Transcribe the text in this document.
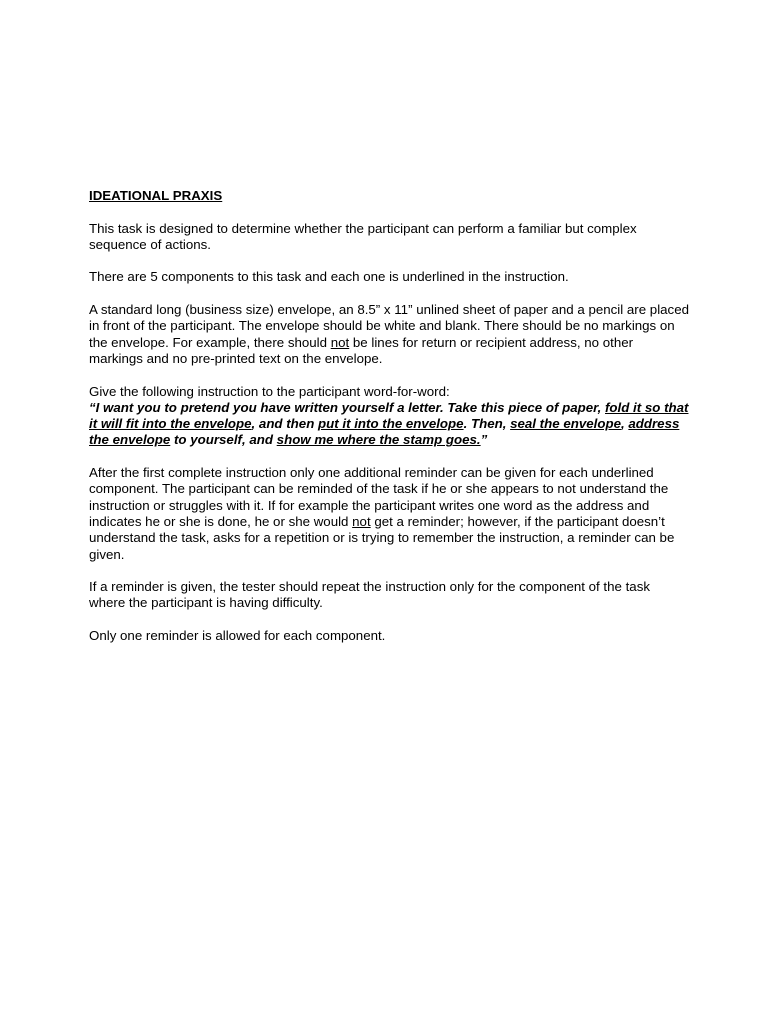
IDEATIONAL PRAXIS

This task is designed to determine whether the participant can perform a familiar but complex sequence of actions.

There are 5 components to this task and each one is underlined in the instruction.

A standard long (business size) envelope, an 8.5” x 11” unlined sheet of paper and a pencil are placed in front of the participant. The envelope should be white and blank. There should be no markings on the envelope. For example, there should not be lines for return or recipient address, no other markings and no pre-printed text on the envelope.

Give the following instruction to the participant word-for-word:
“I want you to pretend you have written yourself a letter. Take this piece of paper, fold it so that it will fit into the envelope, and then put it into the envelope. Then, seal the envelope, address the envelope to yourself, and show me where the stamp goes.”

After the first complete instruction only one additional reminder can be given for each underlined component. The participant can be reminded of the task if he or she appears to not understand the instruction or struggles with it. If for example the participant writes one word as the address and indicates he or she is done, he or she would not get a reminder; however, if the participant doesn’t understand the task, asks for a repetition or is trying to remember the instruction, a reminder can be given.

If a reminder is given, the tester should repeat the instruction only for the component of the task where the participant is having difficulty.

Only one reminder is allowed for each component.
